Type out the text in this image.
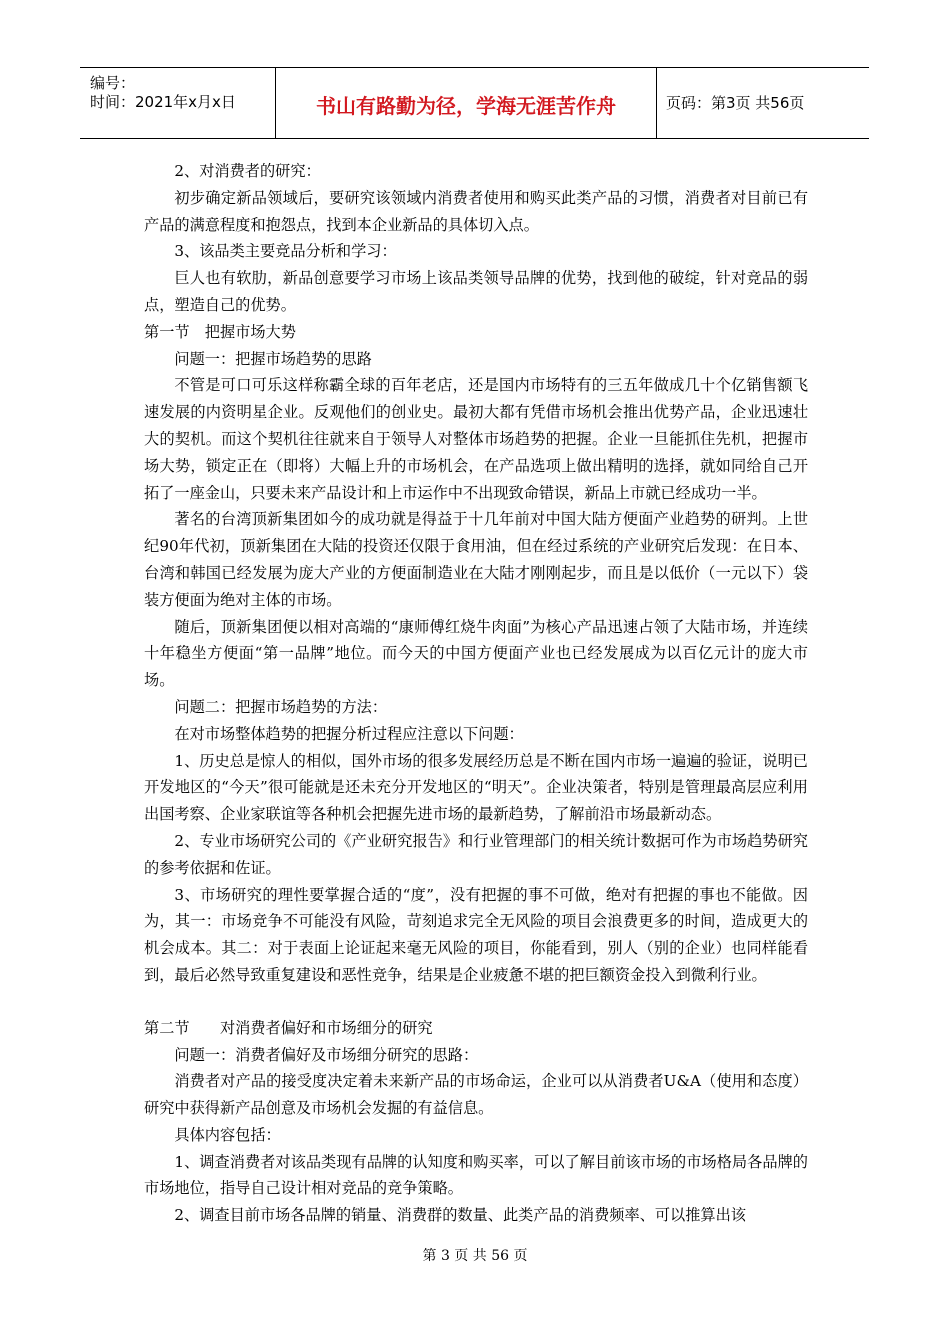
编号：
时间：2021年x月x日	书山有路勤为径，学海无涯苦作舟	页码：第3页 共56页

2、对消费者的研究：

初步确定新品领域后，要研究该领域内消费者使用和购买此类产品的习惯，消费者对目前已有产品的满意程度和抱怨点，找到本企业新品的具体切入点。

3、该品类主要竞品分析和学习：

巨人也有软肋，新品创意要学习市场上该品类领导品牌的优势，找到他的破绽，针对竞品的弱点，塑造自己的优势。

第一节　把握市场大势

问题一：把握市场趋势的思路

不管是可口可乐这样称霸全球的百年老店，还是国内市场特有的三五年做成几十个亿销售额飞速发展的内资明星企业。反观他们的创业史。最初大都有凭借市场机会推出优势产品，企业迅速壮大的契机。而这个契机往往就来自于领导人对整体市场趋势的把握。企业一旦能抓住先机，把握市场大势，锁定正在（即将）大幅上升的市场机会，在产品选项上做出精明的选择，就如同给自己开拓了一座金山，只要未来产品设计和上市运作中不出现致命错误，新品上市就已经成功一半。

著名的台湾顶新集团如今的成功就是得益于十几年前对中国大陆方便面产业趋势的研判。上世纪90年代初，顶新集团在大陆的投资还仅限于食用油，但在经过系统的产业研究后发现：在日本、台湾和韩国已经发展为庞大产业的方便面制造业在大陆才刚刚起步，而且是以低价（一元以下）袋装方便面为绝对主体的市场。

随后，顶新集团便以相对高端的“康师傅红烧牛肉面”为核心产品迅速占领了大陆市场，并连续十年稳坐方便面“第一品牌”地位。而今天的中国方便面产业也已经发展成为以百亿元计的庞大市场。

问题二：把握市场趋势的方法：

在对市场整体趋势的把握分析过程应注意以下问题：

1、历史总是惊人的相似，国外市场的很多发展经历总是不断在国内市场一遍遍的验证，说明已开发地区的“今天”很可能就是还未充分开发地区的“明天”。企业决策者，特别是管理最高层应利用出国考察、企业家联谊等各种机会把握先进市场的最新趋势，了解前沿市场最新动态。

2、专业市场研究公司的《产业研究报告》和行业管理部门的相关统计数据可作为市场趋势研究的参考依据和佐证。

3、市场研究的理性要掌握合适的“度”，没有把握的事不可做，绝对有把握的事也不能做。因为，其一：市场竞争不可能没有风险，苛刻追求完全无风险的项目会浪费更多的时间，造成更大的机会成本。其二：对于表面上论证起来毫无风险的项目，你能看到，别人（别的企业）也同样能看到，最后必然导致重复建设和恶性竞争，结果是企业疲惫不堪的把巨额资金投入到微利行业。

第二节　　对消费者偏好和市场细分的研究

问题一：消费者偏好及市场细分研究的思路：

消费者对产品的接受度决定着未来新产品的市场命运，企业可以从消费者U&A（使用和态度）研究中获得新产品创意及市场机会发掘的有益信息。

具体内容包括：

1、调查消费者对该品类现有品牌的认知度和购买率，可以了解目前该市场的市场格局各品牌的市场地位，指导自己设计相对竞品的竞争策略。

2、调查目前市场各品牌的销量、消费群的数量、此类产品的消费频率、可以推算出该

第 3 页 共 56 页
